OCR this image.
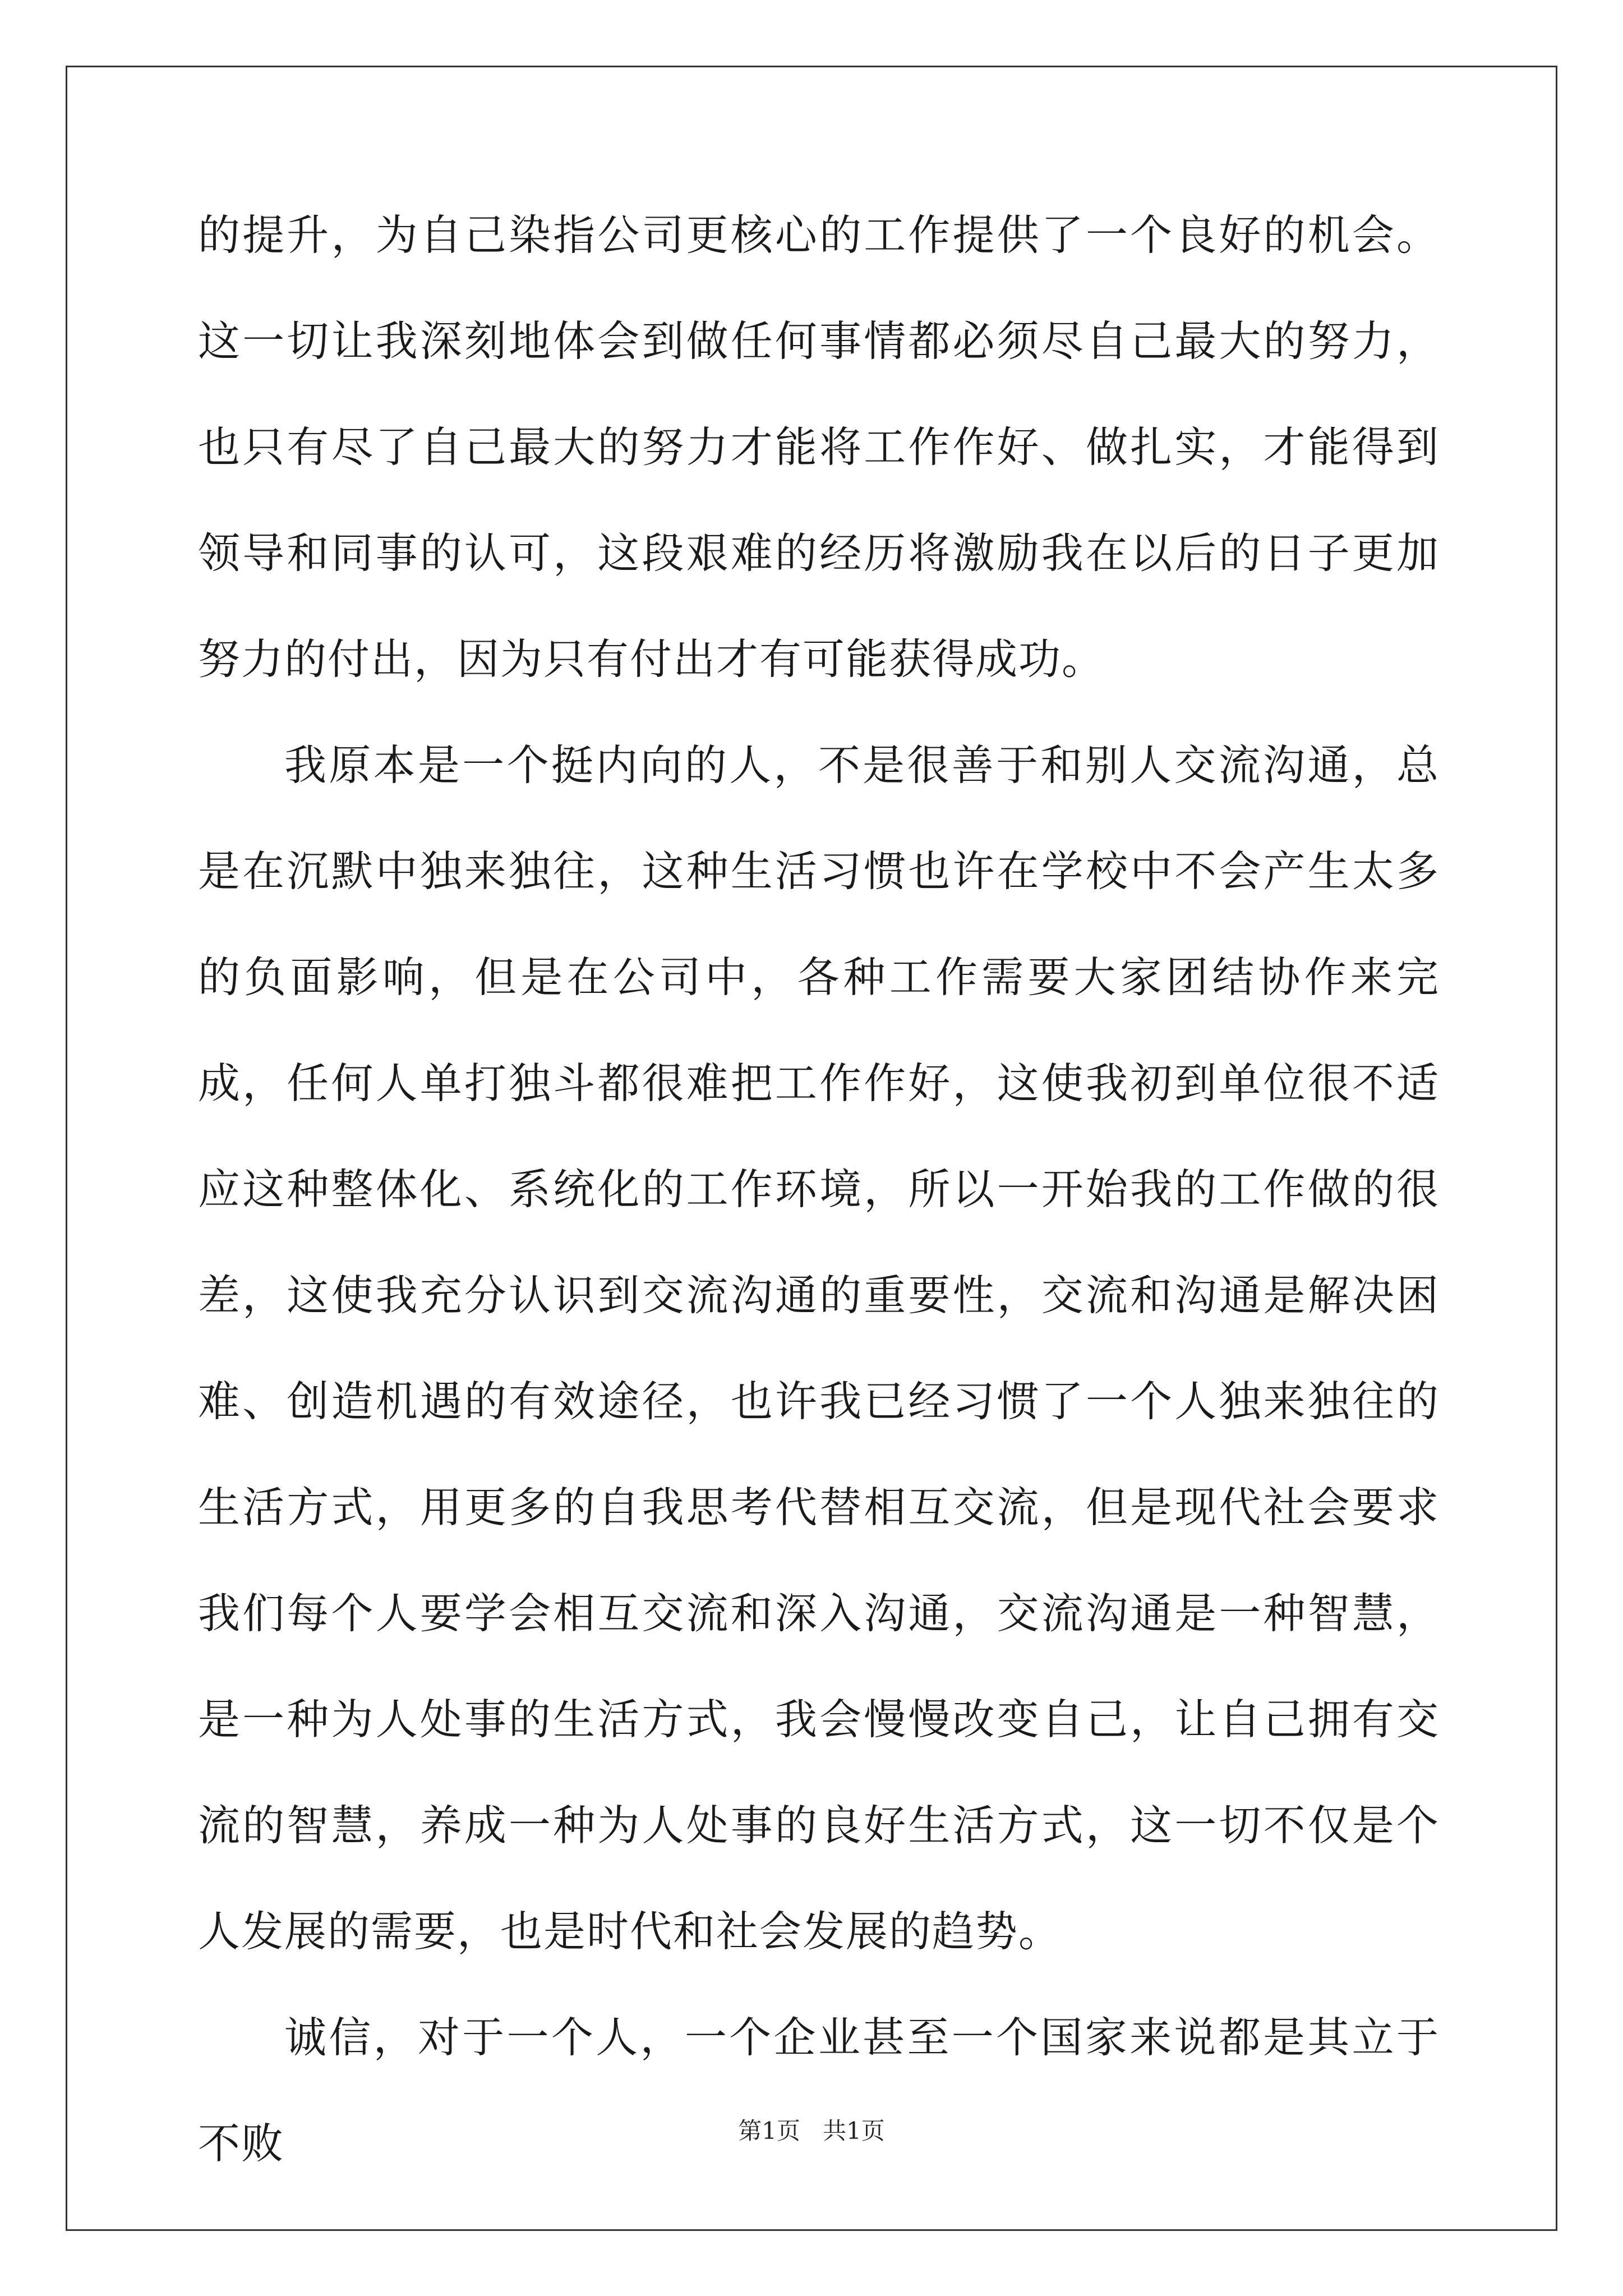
的提升，为自己染指公司更核心的工作提供了一个良好的机会。这一切让我深刻地体会到做任何事情都必须尽自己最大的努力，也只有尽了自己最大的努力才能将工作作好、做扎实，才能得到领导和同事的认可，这段艰难的经历将激励我在以后的日子更加努力的付出，因为只有付出才有可能获得成功。

我原本是一个挺内向的人，不是很善于和别人交流沟通，总是在沉默中独来独往，这种生活习惯也许在学校中不会产生太多的负面影响，但是在公司中，各种工作需要大家团结协作来完成，任何人单打独斗都很难把工作作好，这使我初到单位很不适应这种整体化、系统化的工作环境，所以一开始我的工作做的很差，这使我充分认识到交流沟通的重要性，交流和沟通是解决困难、创造机遇的有效途径，也许我已经习惯了一个人独来独往的生活方式，用更多的自我思考代替相互交流，但是现代社会要求我们每个人要学会相互交流和深入沟通，交流沟通是一种智慧，是一种为人处事的生活方式，我会慢慢改变自己，让自己拥有交流的智慧，养成一种为人处事的良好生活方式，这一切不仅是个人发展的需要，也是时代和社会发展的趋势。

诚信，对于一个人，一个企业甚至一个国家来说都是其立于不败	第1页 共1页
